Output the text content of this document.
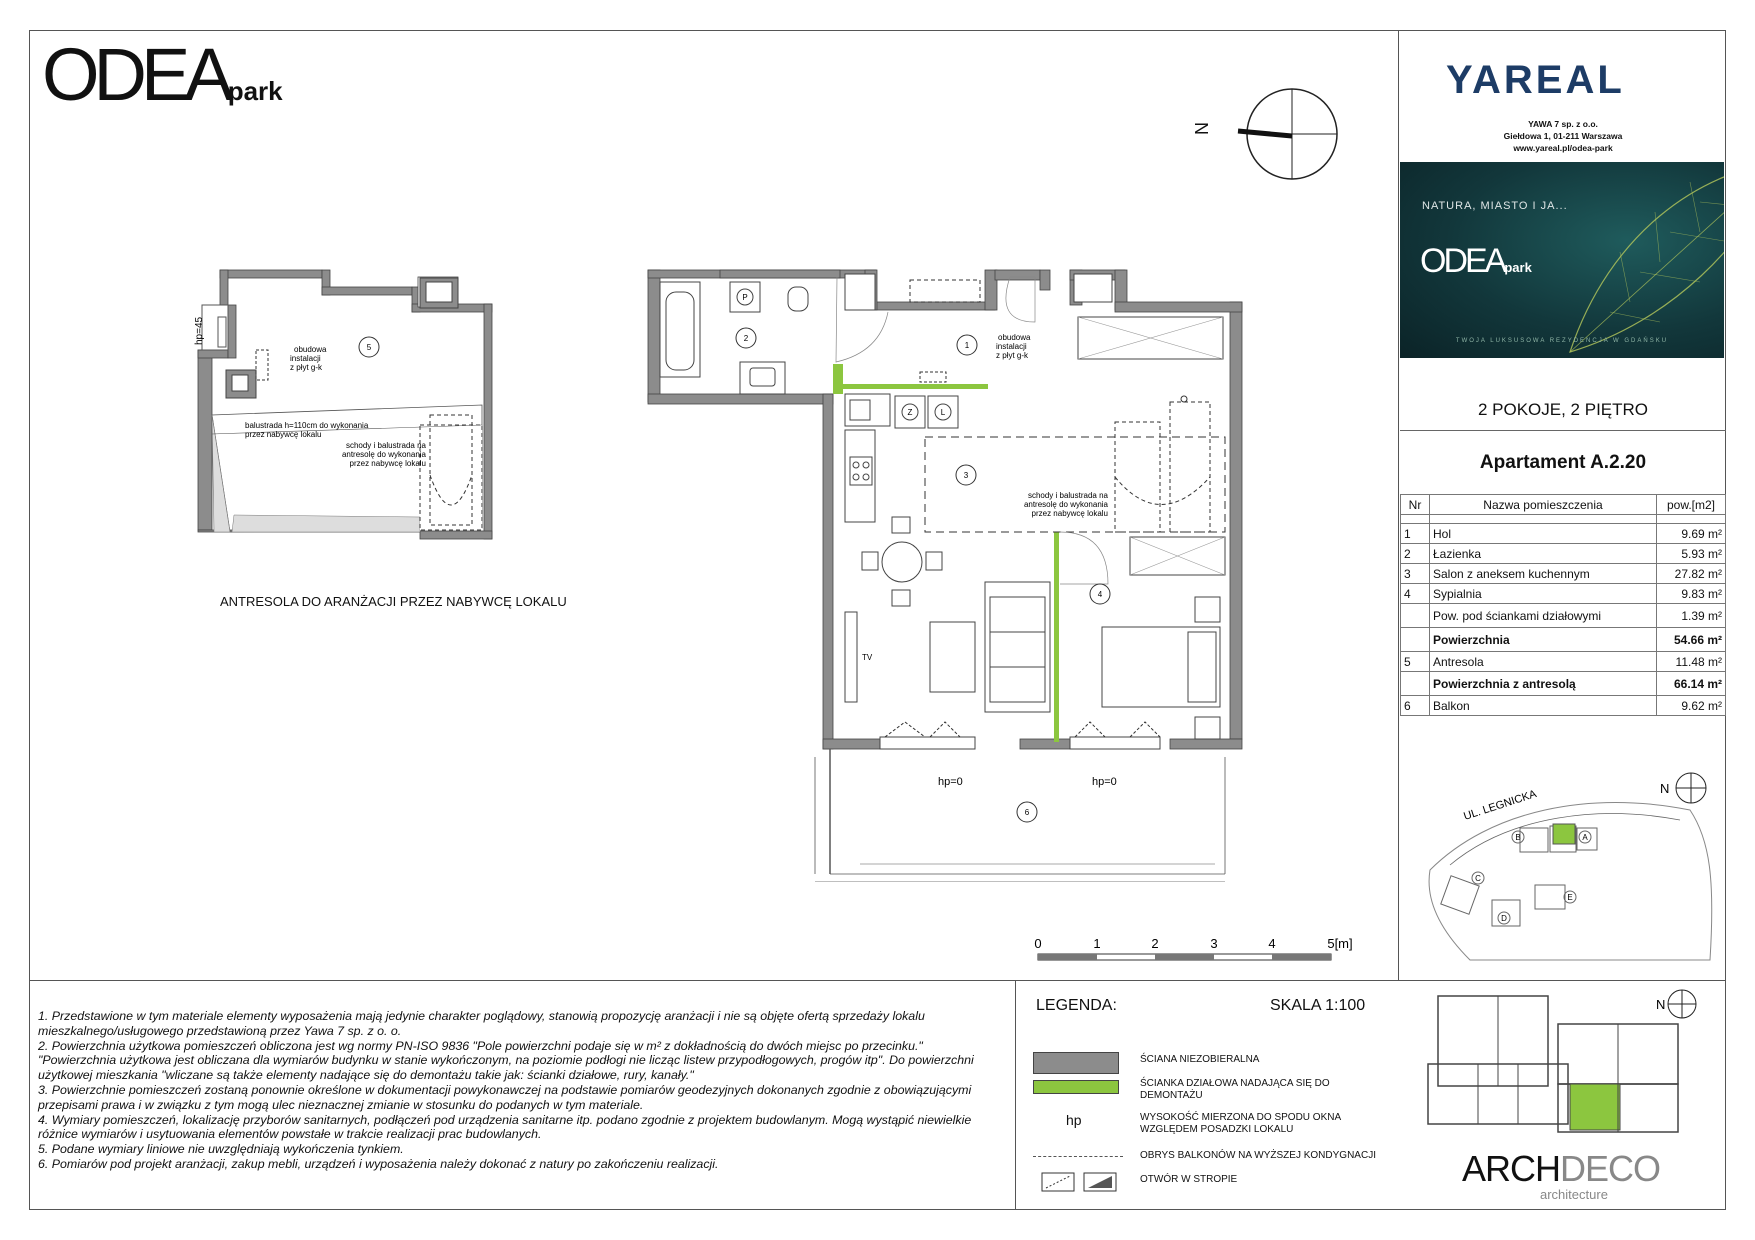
ODEApark
N
YAREAL
YAWA 7 sp. z o.o.
Giełdowa 1, 01-211 Warszawa
www.yareal.pl/odea-park
NATURA, MIASTO I JA...
ODEApark
TWOJA LUKSUSOWA REZYDENCJA W GDAŃSKU
2 POKOJE, 2 PIĘTRO
Apartament A.2.20
Nr	Nazwa pomieszczenia	pow.[m2]

1	Hol	9.69 m²
2	Łazienka	5.93 m²
3	Salon z aneksem kuchennym	27.82 m²
4	Sypialnia	9.83 m²
	Pow. pod ściankami działowymi	1.39 m²
	Powierzchnia	54.66 m²
5	Antresola	11.48 m²
	Powierzchnia z antresolą	66.14 m²
6	Balkon	9.62 m²
B	A
C
D
E
UL. LEGNICKA	N
5
hp=45
obudowa
instalacji
z płyt g-k
balustrada h=110cm do wykonania
przez nabywcę lokalu
schody i balustrada na
antresolę do wykonania
przez nabywcę lokalu
ANTRESOLA DO ARANŻACJI PRZEZ NABYWCĘ LOKALU
P
Z	L
TV
1
2
3
4
6
hp=0	hp=0
obudowa
instalacji
z płyt g-k
schody i balustrada na
antresolę do wykonania
przez nabywcę lokalu
0	1	2	3	4	5[m]

1. Przedstawione w tym materiale elementy wyposażenia mają jedynie charakter poglądowy, stanowią propozycję aranżacji i nie są objęte ofertą sprzedaży lokalu mieszkalnego/usługowego przedstawioną przez Yawa 7 sp. z o. o.

2. Powierzchnia użytkowa pomieszczeń obliczona jest wg normy PN-ISO 9836 "Pole powierzchni podaje się w m² z dokładnością do dwóch miejsc po przecinku."

"Powierzchnia użytkowa jest obliczana dla wymiarów budynku w stanie wykończonym, na poziomie podłogi nie licząc listew przypodłogowych, progów itp". Do powierzchni użytkowej mieszkania "wliczane są także elementy nadające się do demontażu takie jak: ścianki działowe, rury, kanały."

3. Powierzchnie pomieszczeń zostaną ponownie określone w dokumentacji powykonawczej na podstawie pomiarów geodezyjnych dokonanych zgodnie z obowiązującymi przepisami prawa i w związku z tym mogą ulec nieznacznej zmianie w stosunku do podanych w tym materiale.

4. Wymiary pomieszczeń, lokalizację przyborów sanitarnych, podłączeń pod urządzenia sanitarne itp. podano zgodnie z projektem budowlanym. Mogą wystąpić niewielkie różnice wymiarów i usytuowania elementów powstałe w trakcie realizacji prac budowlanych.

5. Podane wymiary liniowe nie uwzględniają wykończenia tynkiem.

6. Pomiarów pod projekt aranżacji, zakup mebli, urządzeń i wyposażenia należy dokonać z natury po zakończeniu realizacji.

LEGENDA:	SKALA 1:100
hp
ŚCIANA NIEZOBIERALNA
ŚCIANKA DZIAŁOWA NADAJĄCA SIĘ DO DEMONTAŻU
WYSOKOŚĆ MIERZONA DO SPODU OKNA WZGLĘDEM POSADZKI LOKALU
OBRYS BALKONÓW NA WYŻSZEJ KONDYGNACJI
OTWÓR W STROPIE
N
ARCHDECO
architecture
